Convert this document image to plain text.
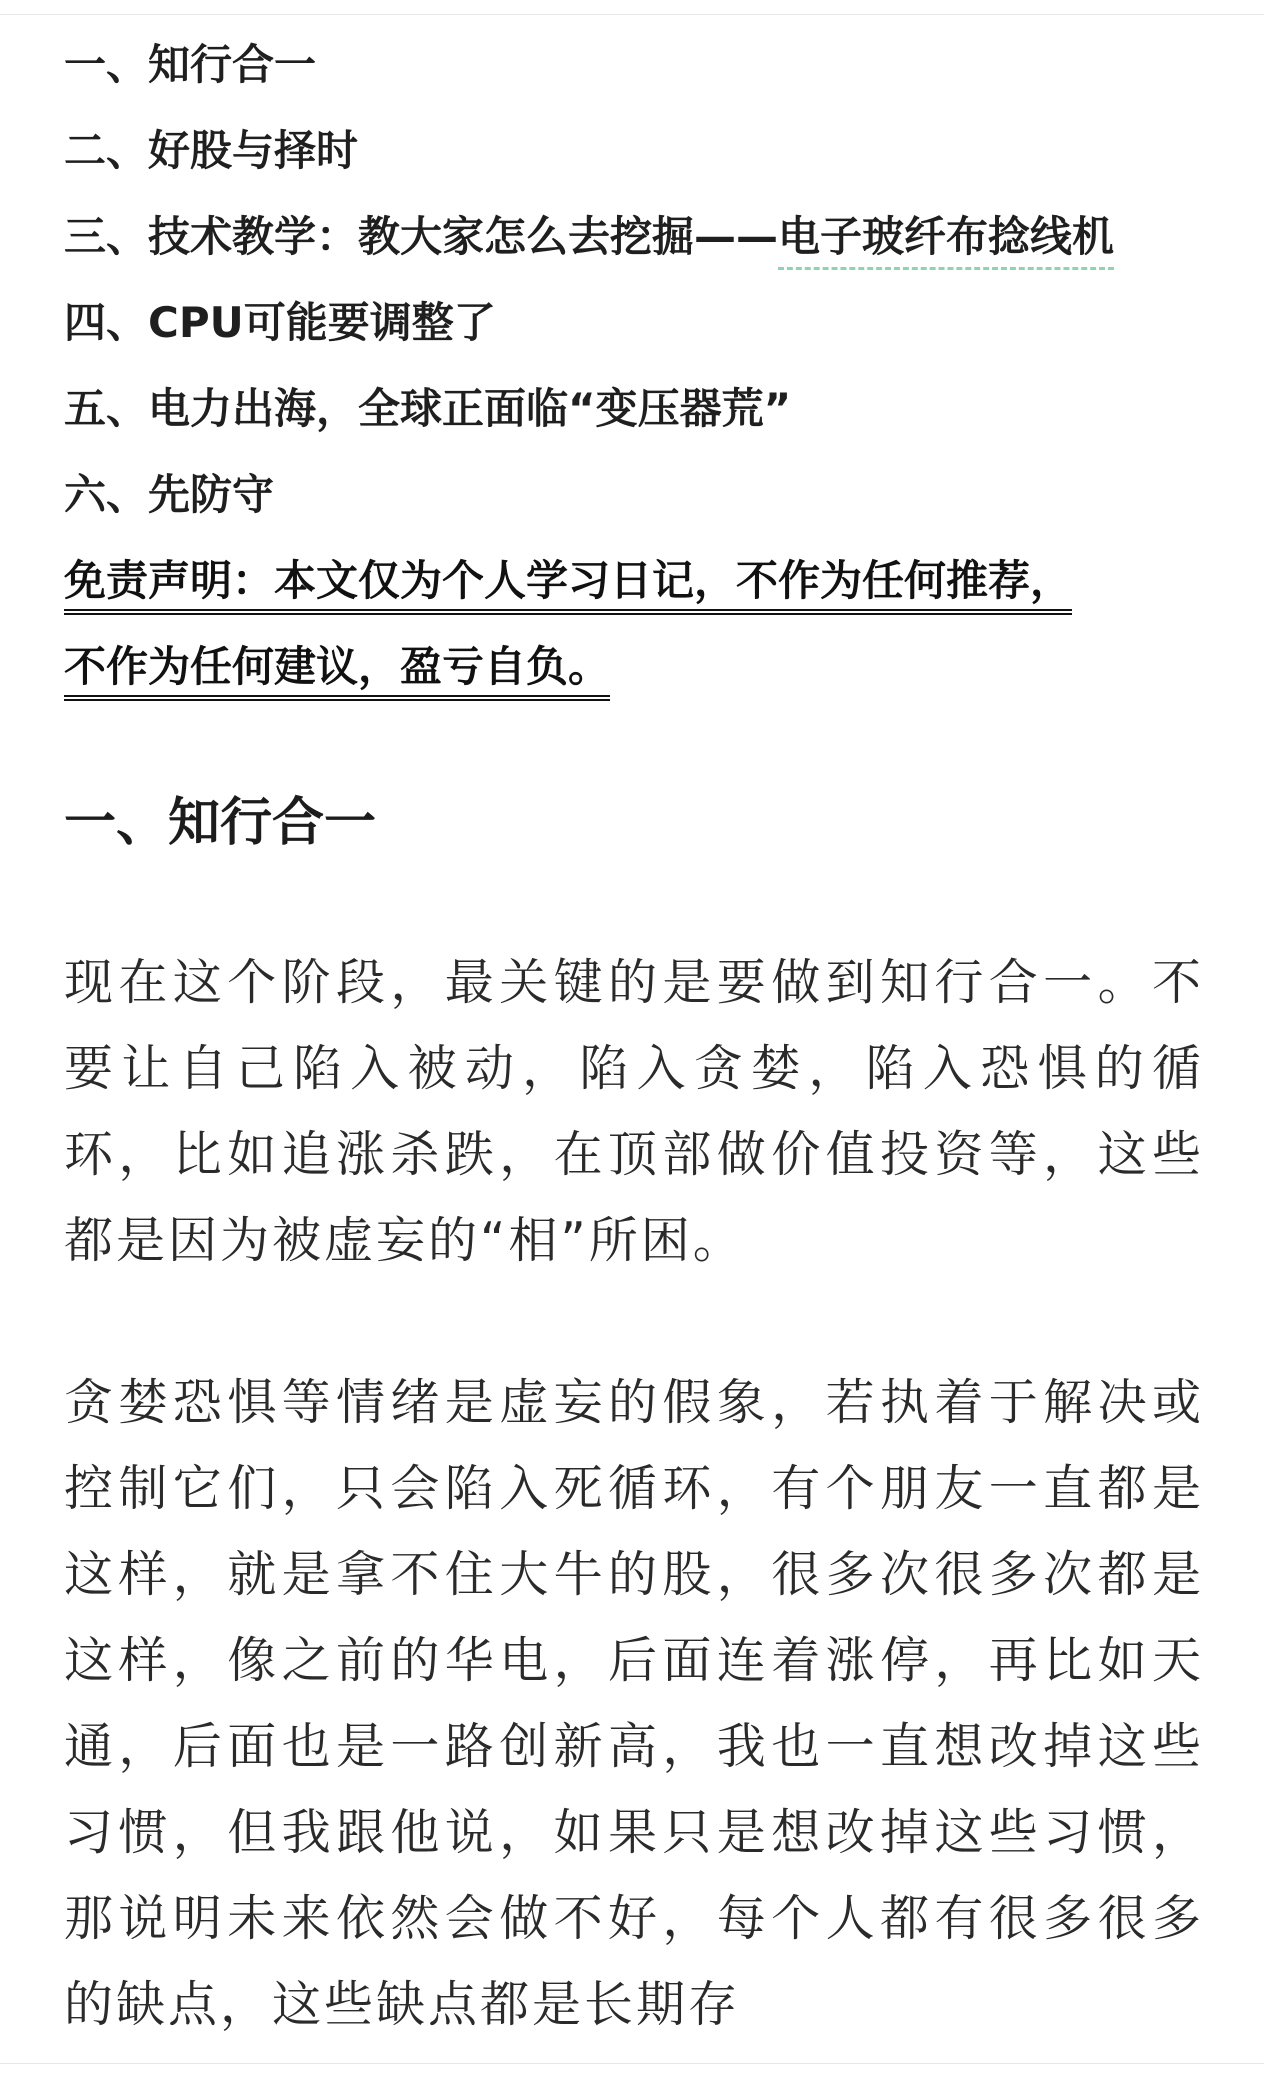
一、知行合一
二、好股与择时
三、技术教学：教大家怎么去挖掘——电子玻纤布捻线机
四、CPU可能要调整了
五、电力出海，全球正面临“变压器荒”
六、先防守
免责声明：本文仅为个人学习日记，不作为任何推荐，
不作为任何建议，盈亏自负。
一、知行合一

现在这个阶段，最关键的是要做到知行合一。不要让自己陷入被动，陷入贪婪，陷入恐惧的循环，比如追涨杀跌，在顶部做价值投资等，这些都是因为被虚妄的“相”所困。

贪婪恐惧等情绪是虚妄的假象，若执着于解决或控制它们，只会陷入死循环，有个朋友一直都是这样，就是拿不住大牛的股，很多次很多次都是这样，像之前的华电，后面连着涨停，再比如天通，后面也是一路创新高，我也一直想改掉这些习惯，但我跟他说，如果只是想改掉这些习惯，那说明未来依然会做不好，每个人都有很多很多的缺点，这些缺点都是长期存
